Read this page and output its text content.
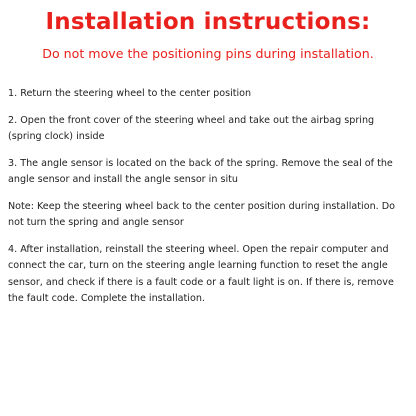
Installation instructions:

Do not move the positioning pins during installation.

1. Return the steering wheel to the center position

2. Open the front cover of the steering wheel and take out the airbag spring (spring clock) inside

3. The angle sensor is located on the back of the spring. Remove the seal of the angle sensor and install the angle sensor in situ

Note: Keep the steering wheel back to the center position during installation. Do not turn the spring and angle sensor

4. After installation, reinstall the steering wheel. Open the repair computer and connect the car, turn on the steering angle learning function to reset the angle sensor, and check if there is a fault code or a fault light is on. If there is, remove the fault code. Complete the installation.
